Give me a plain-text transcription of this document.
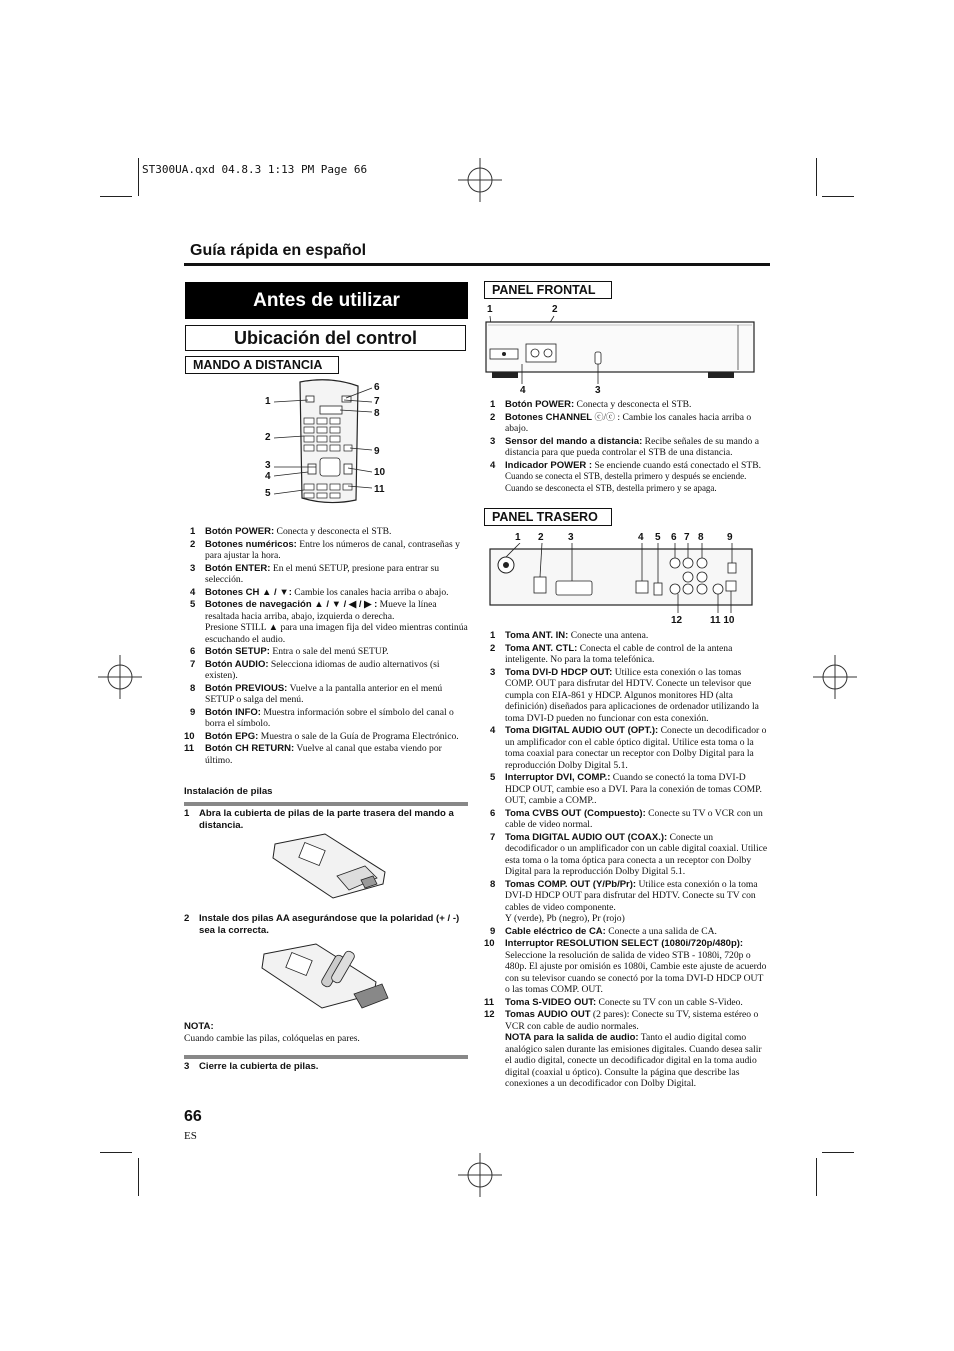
ST300UA.qxd 04.8.3 1:13 PM Page 66
Guía rápida en español
Antes de utilizar
Ubicación del control
MANDO A DISTANCIA
1
2
3
4
5
6
7
8
9
10
11
1 Botón POWER: Conecta y desconecta el STB.
2 Botones numéricos: Entre los números de canal, contraseñas y para ajustar la hora.
3 Botón ENTER: En el menú SETUP, presione para entrar su selección.
4 Botones CH ▲ / ▼: Cambie los canales hacia arriba o abajo.
5 Botones de navegación ▲ / ▼ / ◀ / ▶ : Mueve la línea resaltada hacia arriba, abajo, izquierda o derecha.
Presione STILL ▲ para una imagen fija del video mientras continúa escuchando el audio.
6 Botón SETUP: Entra o sale del menú SETUP.
7 Botón AUDIO: Selecciona idiomas de audio alternativos (si existen).
8 Botón PREVIOUS: Vuelve a la pantalla anterior en el menú SETUP o salga del menú.
9 Botón INFO: Muestra información sobre el símbolo del canal o borra el símbolo.
10 Botón EPG: Muestra o sale de la Guía de Programa Electrónico.
11 Botón CH RETURN: Vuelve al canal que estaba viendo por último.
Instalación de pilas
1	Abra la cubierta de pilas de la parte trasera del mando a distancia.
2	Instale dos pilas AA asegurándose que la polaridad (+ / -) sea la correcta.
NOTA:
Cuando cambie las pilas, colóquelas en pares.
3	Cierre la cubierta de pilas.
66
ES
PANEL FRONTAL
1	2
4	3
1 Botón POWER: Conecta y desconecta el STB.
2 Botones CHANNEL ⓒ/ⓒ : Cambie los canales hacia arriba o abajo.
3 Sensor del mando a distancia: Recibe señales de su mando a distancia para que pueda controlar el STB de una distancia.
4 Indicador POWER : Se enciende cuando está conectado el STB.
Cuando se conecta el STB, destella primero y después se enciende. Cuando se desconecta el STB, destella primero y se apaga.
PANEL TRASERO
1 2 3	4 5 6 7 8 9
12	11 10
1 Toma ANT. IN: Conecte una antena.
2 Toma ANT. CTL: Conecta el cable de control de la antena inteligente. No para la toma telefónica.
3 Toma DVI-D HDCP OUT: Utilice esta conexión o las tomas COMP. OUT para disfrutar del HDTV. Conecte un televisor que cumpla con EIA-861 y HDCP. Algunos monitores HD (alta definición) diseñados para aplicaciones de ordenador utilizando la toma DVI-D pueden no funcionar con esta conexión.
4 Toma DIGITAL AUDIO OUT (OPT.): Conecte un decodificador o un amplificador con el cable óptico digital. Utilice esta toma o la toma coaxial para conectar un receptor con Dolby Digital para la reproducción Dolby Digital 5.1.
5 Interruptor DVI, COMP.: Cuando se conectó la toma DVI-D HDCP OUT, cambie eso a DVI. Para la conexión de tomas COMP. OUT, cambie a COMP..
6 Toma CVBS OUT (Compuesto): Conecte su TV o VCR con un cable de video normal.
7 Toma DIGITAL AUDIO OUT (COAX.): Conecte un decodificador o un amplificador con un cable digital coaxial. Utilice esta toma o la toma óptica para conecta a un receptor con Dolby Digital para la reproducción Dolby Digital 5.1.
8 Tomas COMP. OUT (Y/Pb/Pr): Utilice esta conexión o la toma DVI-D HDCP OUT para disfrutar del HDTV. Conecte su TV con cables de video componente.
Y (verde), Pb (negro), Pr (rojo)
9 Cable eléctrico de CA: Conecte a una salida de CA.
10 Interruptor RESOLUTION SELECT (1080i/720p/480p):
Seleccione la resolución de salida de video STB - 1080i, 720p o 480p. El ajuste por omisión es 1080i, Cambie este ajuste de acuerdo con su televisor cuando se conectó por la toma DVI-D HDCP OUT o las tomas COMP. OUT.
11 Toma S-VIDEO OUT: Conecte su TV con un cable S-Video.
12 Tomas AUDIO OUT (2 pares): Conecte su TV, sistema estéreo o VCR con cable de audio normales.
NOTA para la salida de audio: Tanto el audio digital como analógico salen durante las emisiones digitales. Cuando desea salir el audio digital, conecte un decodificador digital en la toma audio digital (coaxial u óptico). Consulte la página que describe las conexiones a un decodificador con Dolby Digital.
